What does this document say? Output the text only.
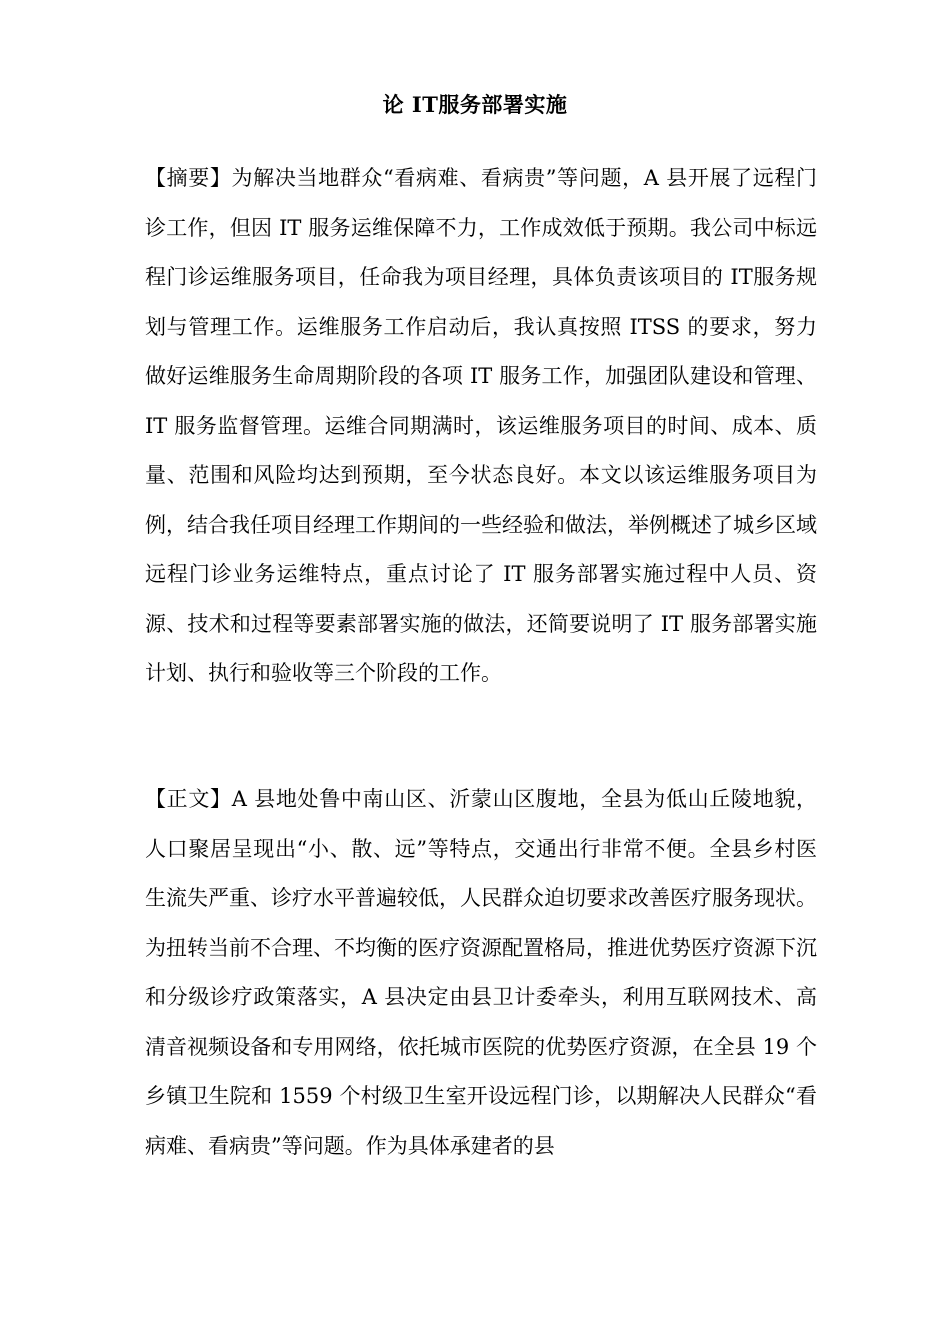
论 IT服务部署实施

【摘要】为解决当地群众“看病难、看病贵”等问题，A 县开展了远程门诊工作，但因 IT 服务运维保障不力，工作成效低于预期。我公司中标远程门诊运维服务项目，任命我为项目经理，具体负责该项目的 IT服务规划与管理工作。运维服务工作启动后，我认真按照 ITSS 的要求，努力做好运维服务生命周期阶段的各项 IT 服务工作，加强团队建设和管理、IT 服务监督管理。运维合同期满时，该运维服务项目的时间、成本、质量、范围和风险均达到预期，至今状态良好。本文以该运维服务项目为例，结合我任项目经理工作期间的一些经验和做法，举例概述了城乡区域远程门诊业务运维特点，重点讨论了 IT 服务部署实施过程中人员、资源、技术和过程等要素部署实施的做法，还简要说明了 IT 服务部署实施计划、执行和验收等三个阶段的工作。

【正文】A 县地处鲁中南山区、沂蒙山区腹地，全县为低山丘陵地貌，人口聚居呈现出“小、散、远”等特点，交通出行非常不便。全县乡村医生流失严重、诊疗水平普遍较低，人民群众迫切要求改善医疗服务现状。为扭转当前不合理、不均衡的医疗资源配置格局，推进优势医疗资源下沉和分级诊疗政策落实，A 县决定由县卫计委牵头，利用互联网技术、高清音视频设备和专用网络，依托城市医院的优势医疗资源，在全县 19 个乡镇卫生院和 1559 个村级卫生室开设远程门诊，以期解决人民群众“看病难、看病贵”等问题。作为具体承建者的县
